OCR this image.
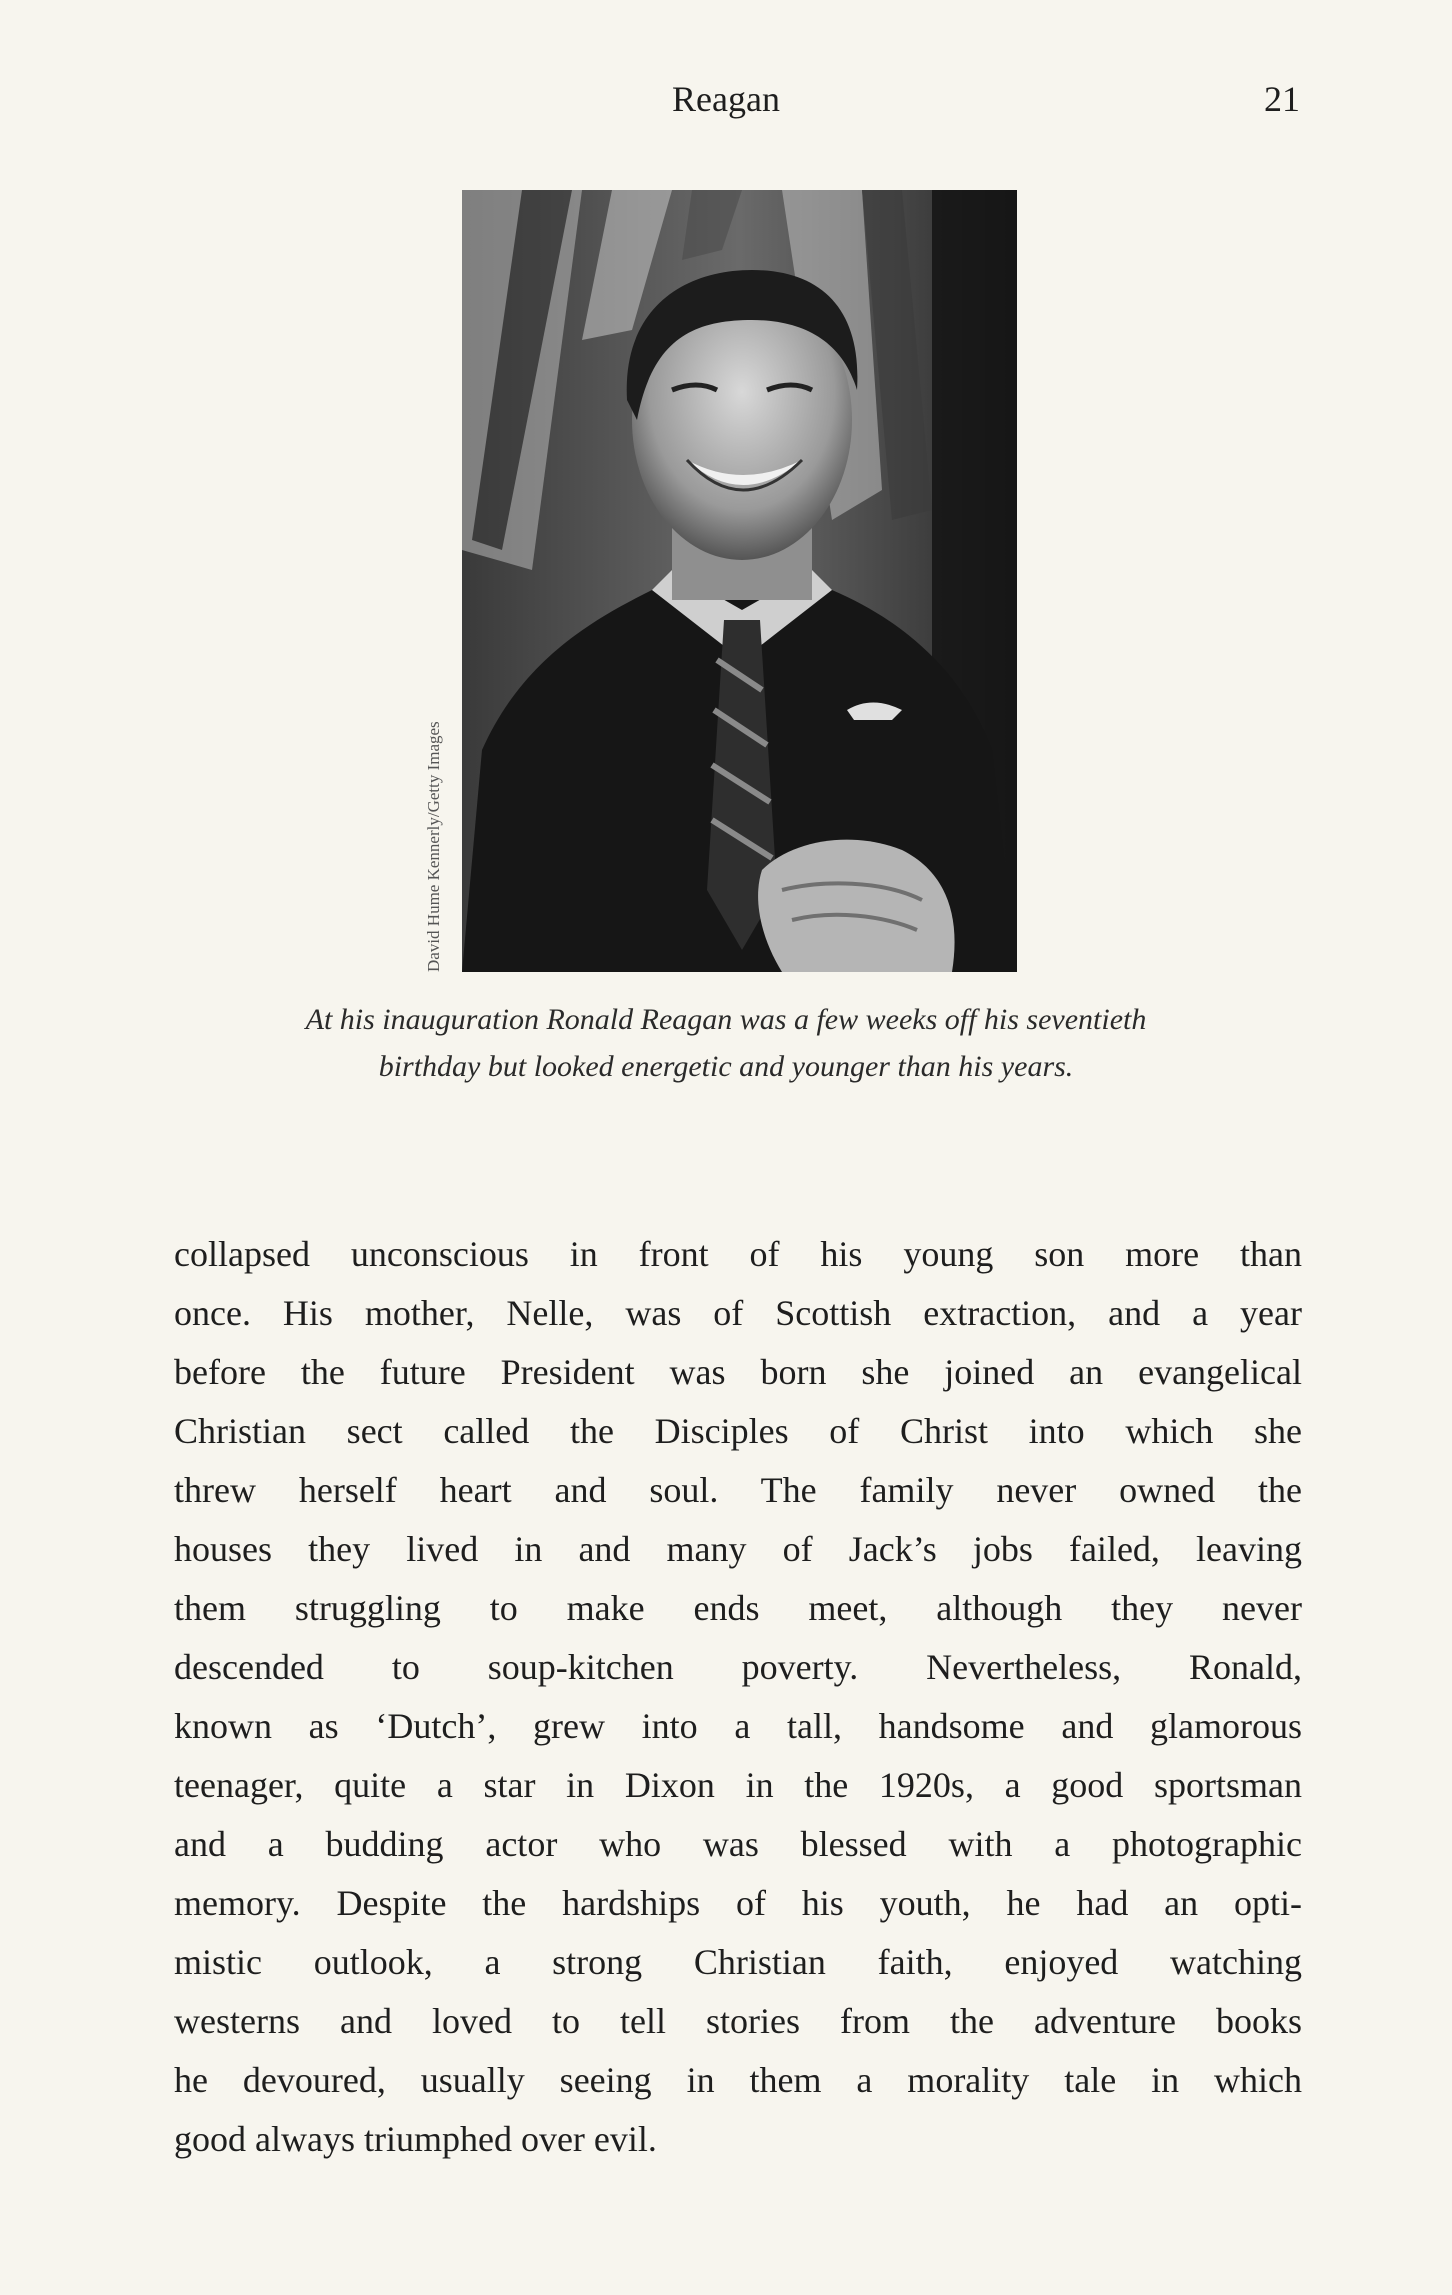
Reagan	21
David Hume Kennerly/Getty Images
At his inauguration Ronald Reagan was a few weeks off his seventieth
birthday but looked energetic and younger than his years.
collapsed unconscious in front of his young son more than
once. His mother, Nelle, was of Scottish extraction, and a year
before the future President was born she joined an evangelical
Christian sect called the Disciples of Christ into which she
threw herself heart and soul. The family never owned the
houses they lived in and many of Jack’s jobs failed, leaving
them struggling to make ends meet, although they never
descended to soup-kitchen poverty. Nevertheless, Ronald,
known as ‘Dutch’, grew into a tall, handsome and glamorous
teenager, quite a star in Dixon in the 1920s, a good sportsman
and a budding actor who was blessed with a photographic
memory. Despite the hardships of his youth, he had an opti-
mistic outlook, a strong Christian faith, enjoyed watching
westerns and loved to tell stories from the adventure books
he devoured, usually seeing in them a morality tale in which
good always triumphed over evil.
